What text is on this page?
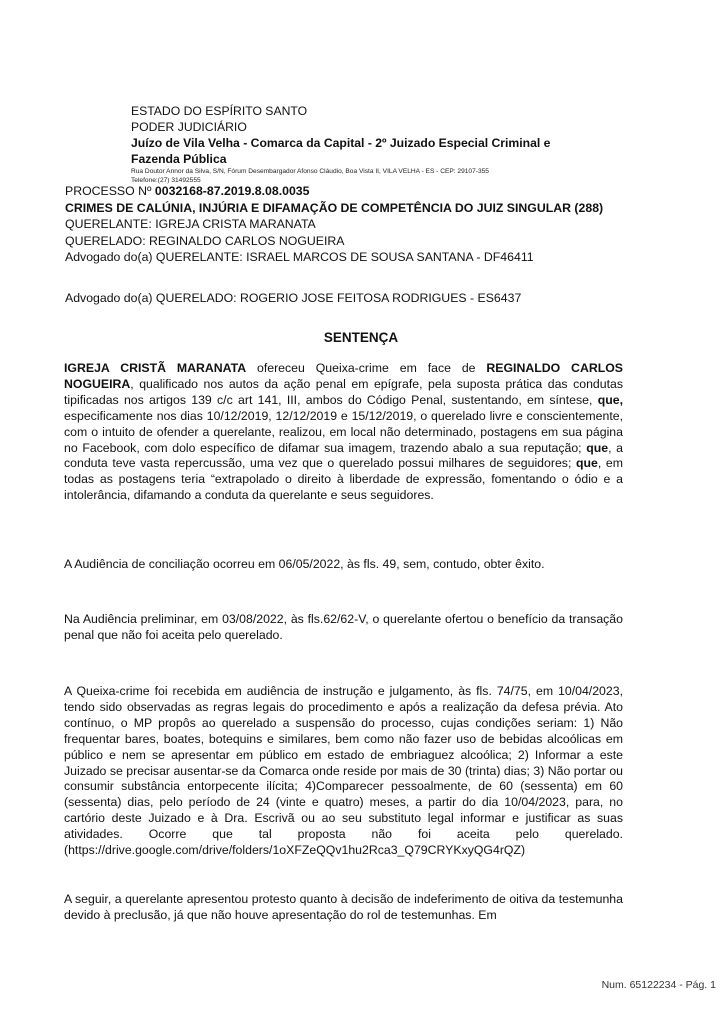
ESTADO DO ESPÍRITO SANTO
PODER JUDICIÁRIO
Juízo de Vila Velha - Comarca da Capital - 2º Juizado Especial Criminal e Fazenda Pública
Rua Doutor Annor da Silva, S/N, Fórum Desembargador Afonso Cláudio, Boa Vista II, VILA VELHA - ES - CEP: 29107-355
Telefone:(27) 31492555
PROCESSO Nº 0032168-87.2019.8.08.0035
CRIMES DE CALÚNIA, INJÚRIA E DIFAMAÇÃO DE COMPETÊNCIA DO JUIZ SINGULAR (288)
QUERELANTE: IGREJA CRISTA MARANATA
QUERELADO: REGINALDO CARLOS NOGUEIRA
Advogado do(a) QUERELANTE: ISRAEL MARCOS DE SOUSA SANTANA - DF46411
Advogado do(a) QUERELADO: ROGERIO JOSE FEITOSA RODRIGUES - ES6437
SENTENÇA

IGREJA CRISTÃ MARANATA ofereceu Queixa-crime em face de REGINALDO CARLOS NOGUEIRA, qualificado nos autos da ação penal em epígrafe, pela suposta prática das condutas tipificadas nos artigos 139 c/c art 141, III, ambos do Código Penal, sustentando, em síntese, que, especificamente nos dias 10/12/2019, 12/12/2019 e 15/12/2019, o querelado livre e conscientemente, com o intuito de ofender a querelante, realizou, em local não determinado, postagens em sua página no Facebook, com dolo específico de difamar sua imagem, trazendo abalo a sua reputação; que, a conduta teve vasta repercussão, uma vez que o querelado possui milhares de seguidores; que, em todas as postagens teria “extrapolado o direito à liberdade de expressão, fomentando o ódio e a intolerância, difamando a conduta da querelante e seus seguidores.

A Audiência de conciliação ocorreu em 06/05/2022, às fls. 49, sem, contudo, obter êxito.

Na Audiência preliminar, em 03/08/2022, às fls.62/62-V, o querelante ofertou o benefício da transação penal que não foi aceita pelo querelado.

A Queixa-crime foi recebida em audiência de instrução e julgamento, às fls. 74/75, em 10/04/2023, tendo sido observadas as regras legais do procedimento e após a realização da defesa prévia. Ato contínuo, o MP propôs ao querelado a suspensão do processo, cujas condições seriam: 1) Não frequentar bares, boates, botequins e similares, bem como não fazer uso de bebidas alcoólicas em público e nem se apresentar em público em estado de embriaguez alcoólica; 2) Informar a este Juizado se precisar ausentar-se da Comarca onde reside por mais de 30 (trinta) dias; 3) Não portar ou consumir substância entorpecente ilícita; 4)Comparecer pessoalmente, de 60 (sessenta) em 60 (sessenta) dias, pelo período de 24 (vinte e quatro) meses, a partir do dia 10/04/2023, para, no cartório deste Juizado e à Dra. Escrivã ou ao seu substituto legal informar e justificar as suas atividades. Ocorre que tal proposta não foi aceita pelo querelado. (https://drive.google.com/drive/folders/1oXFZeQQv1hu2Rca3_Q79CRYKxyQG4rQZ)

A seguir, a querelante apresentou protesto quanto à decisão de indeferimento de oitiva da testemunha devido à preclusão, já que não houve apresentação do rol de testemunhas. Em

Num. 65122234 - Pág. 1
